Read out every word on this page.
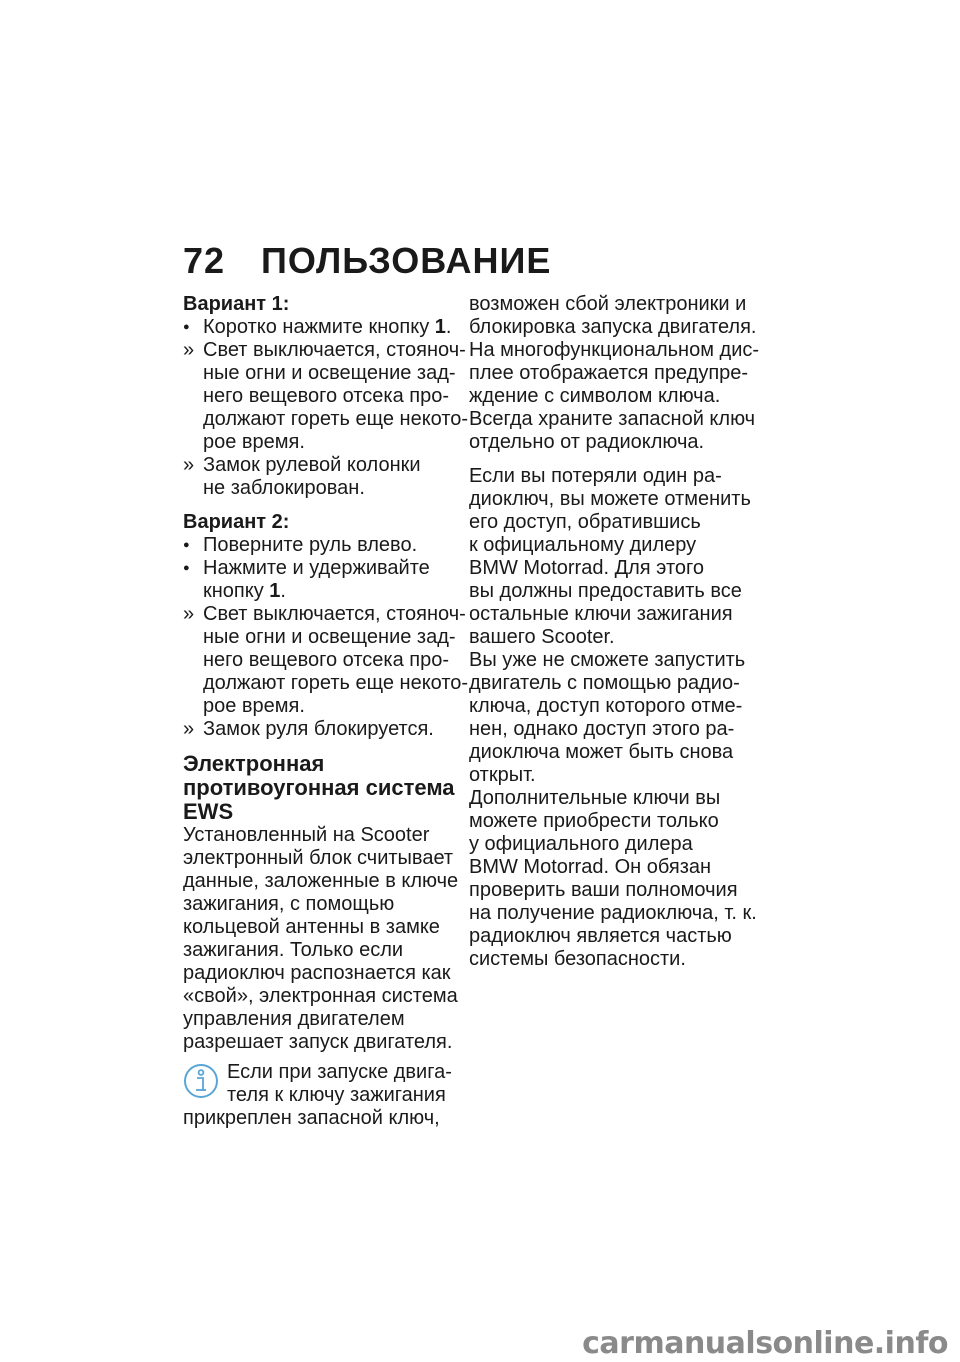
72 ПОЛЬЗОВАНИЕ
Вариант 1:
● Коротко нажмите кнопку 1.
» Свет выключается, стояноч-
ные огни и освещение зад-
него вещевого отсека про-
должают гореть еще некото-
рое время.
» Замок рулевой колонки
не заблокирован.
Вариант 2:
● Поверните руль влево.
● Нажмите и удерживайте
кнопку 1.
» Свет выключается, стояноч-
ные огни и освещение зад-
него вещевого отсека про-
должают гореть еще некото-
рое время.
» Замок руля блокируется.
Электронная
противоугонная система
EWS
Установленный на Scooter
электронный блок считывает
данные, заложенные в ключе
зажигания, с помощью
кольцевой антенны в замке
зажигания. Только если
радиоключ распознается как
«свой», электронная система
управления двигателем
разрешает запуск двигателя.
Если при запуске двига-
теля к ключу зажигания
прикреплен запасной ключ,
возможен сбой электроники и
блокировка запуска двигателя.
На многофункциональном дис-
плее отображается предупре-
ждение с символом ключа.
Всегда храните запасной ключ
отдельно от радиоключа.
Если вы потеряли один ра-
диоключ, вы можете отменить
его доступ, обратившись
к официальному дилеру
BMW Motorrad. Для этого
вы должны предоставить все
остальные ключи зажигания
вашего Scooter.
Вы уже не сможете запустить
двигатель с помощью радио-
ключа, доступ которого отме-
нен, однако доступ этого ра-
диоключа может быть снова
открыт.
Дополнительные ключи вы
можете приобрести только
у официального дилера
BMW Motorrad. Он обязан
проверить ваши полномочия
на получение радиоключа, т. к.
радиоключ является частью
системы безопасности.
carmanualsonline.info
